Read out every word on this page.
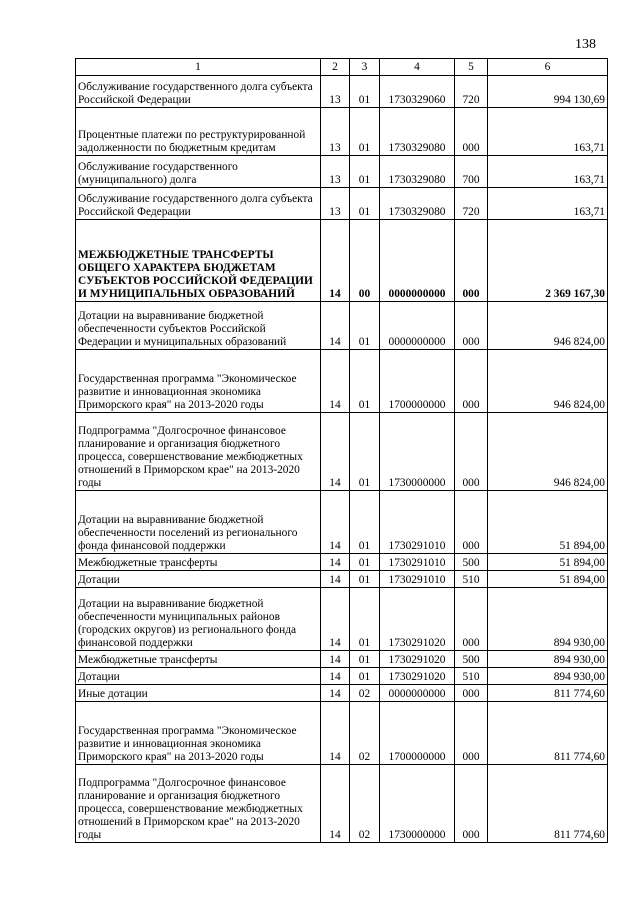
138
1	2	3	4	5	6
Обслуживание государственного долга субъекта Российской Федерации	13	01	1730329060	720	994 130,69
Процентные платежи по реструктурированной задолженности по бюджетным кредитам	13	01	1730329080	000	163,71
Обслуживание государственного (муниципального) долга	13	01	1730329080	700	163,71
Обслуживание государственного долга субъекта Российской Федерации	13	01	1730329080	720	163,71
МЕЖБЮДЖЕТНЫЕ ТРАНСФЕРТЫ ОБЩЕГО ХАРАКТЕРА БЮДЖЕТАМ СУБЪЕКТОВ РОССИЙСКОЙ ФЕДЕРАЦИИ И МУНИЦИПАЛЬНЫХ ОБРАЗОВАНИЙ	14	00	0000000000	000	2 369 167,30
Дотации на выравнивание бюджетной обеспеченности субъектов Российской Федерации и муниципальных образований	14	01	0000000000	000	946 824,00
Государственная программа "Экономическое развитие и инновационная экономика Приморского края" на 2013-2020 годы	14	01	1700000000	000	946 824,00
Подпрограмма "Долгосрочное финансовое планирование и организация бюджетного процесса, совершенствование межбюджетных отношений в Приморском крае" на 2013-2020 годы	14	01	1730000000	000	946 824,00
Дотации на выравнивание бюджетной обеспеченности поселений из регионального фонда финансовой поддержки	14	01	1730291010	000	51 894,00
Межбюджетные трансферты	14	01	1730291010	500	51 894,00
Дотации	14	01	1730291010	510	51 894,00
Дотации на выравнивание бюджетной обеспеченности муниципальных районов (городских округов) из регионального фонда финансовой поддержки	14	01	1730291020	000	894 930,00
Межбюджетные трансферты	14	01	1730291020	500	894 930,00
Дотации	14	01	1730291020	510	894 930,00
Иные дотации	14	02	0000000000	000	811 774,60
Государственная программа "Экономическое развитие и инновационная экономика Приморского края" на 2013-2020 годы	14	02	1700000000	000	811 774,60
Подпрограмма "Долгосрочное финансовое планирование и организация бюджетного процесса, совершенствование межбюджетных отношений в Приморском крае" на 2013-2020 годы	14	02	1730000000	000	811 774,60
